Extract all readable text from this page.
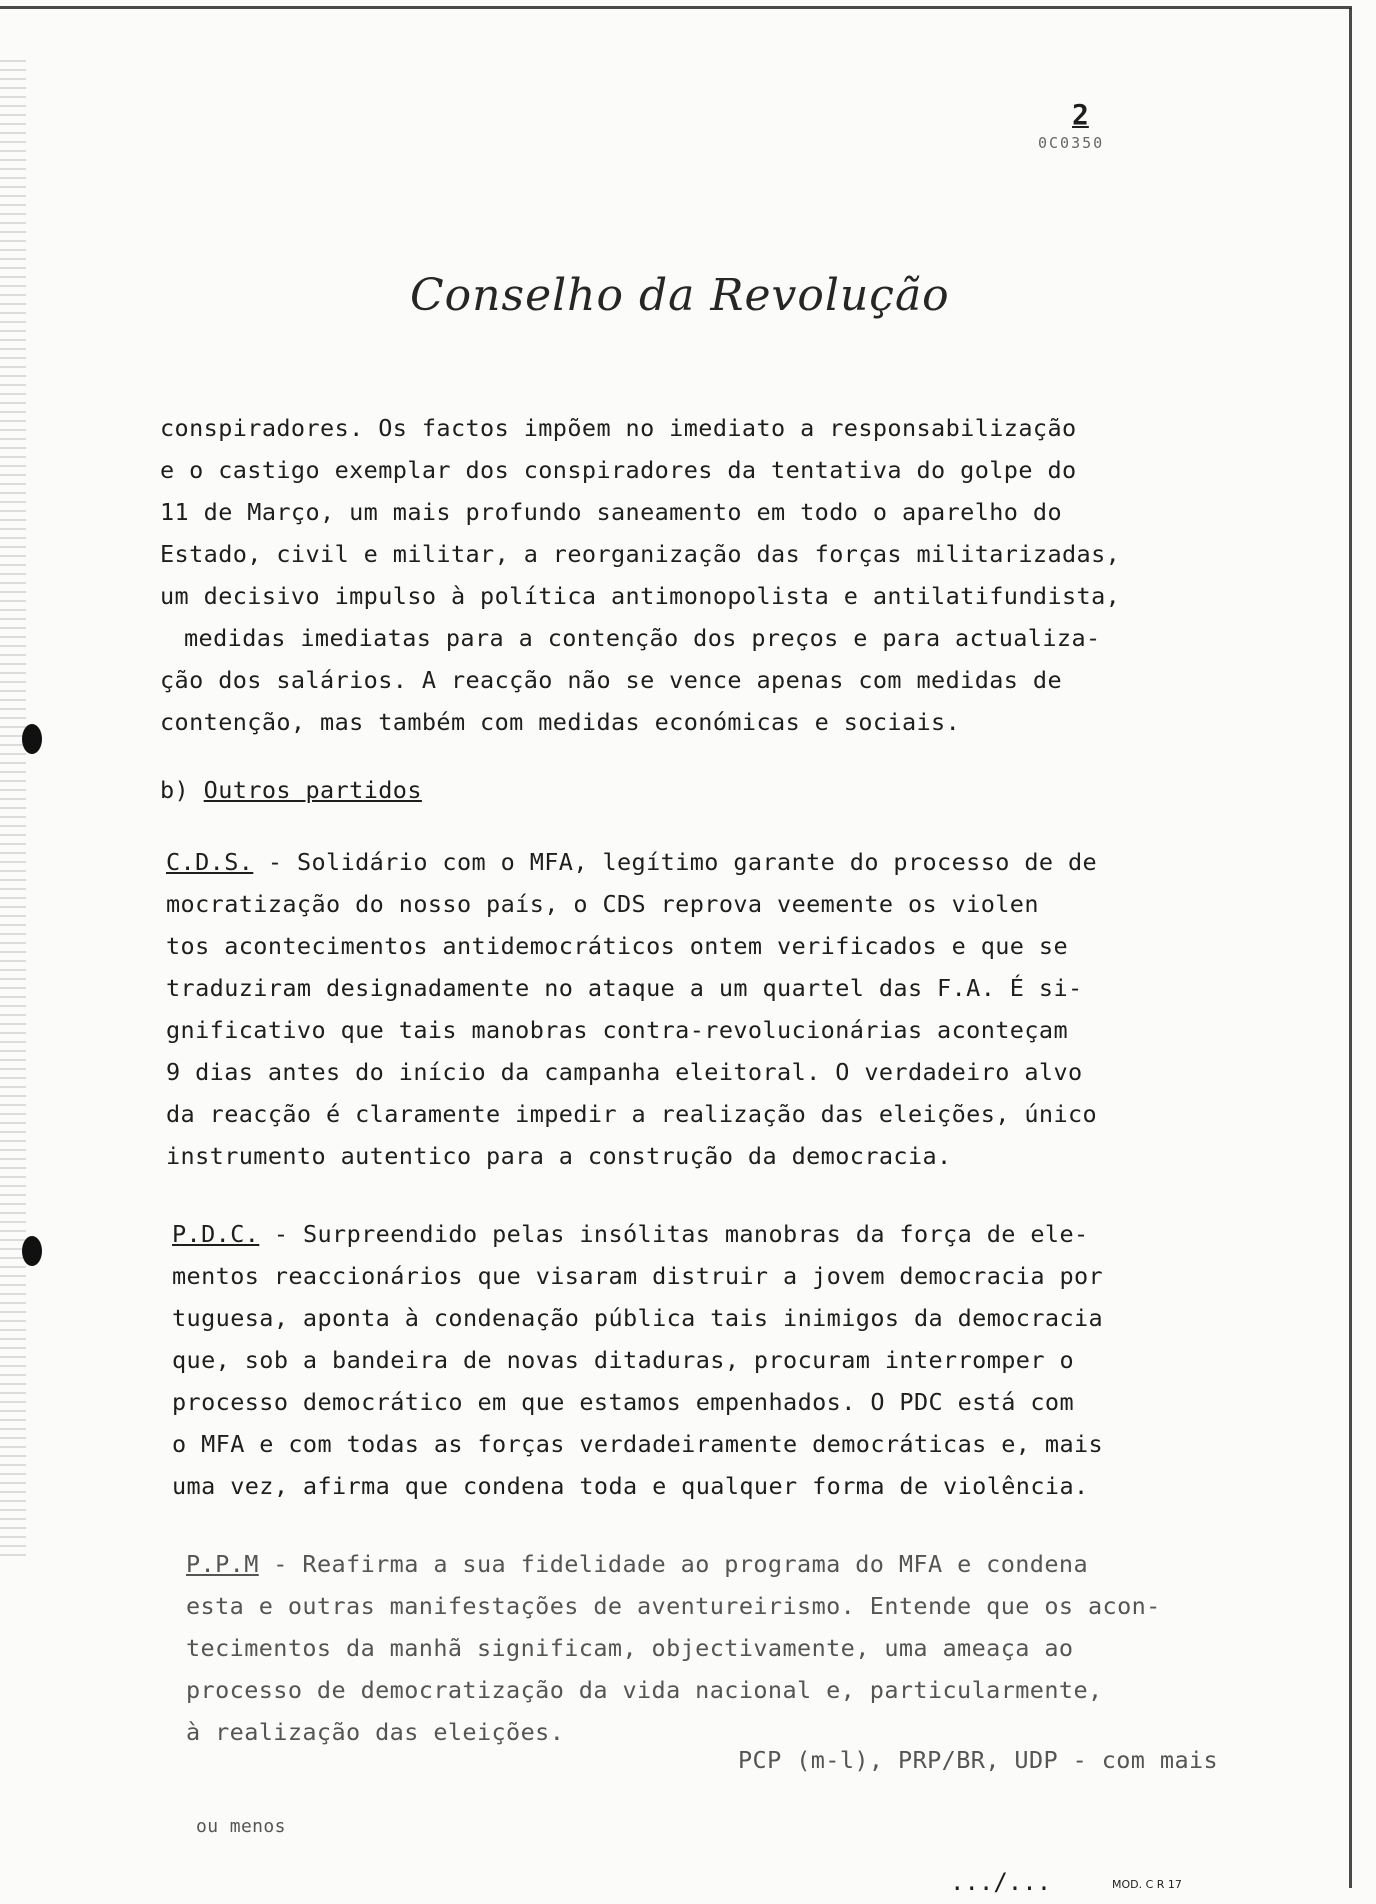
2
0C0350
Conselho da Revolução
conspiradores. Os factos impõem no imediato a responsabilização
e o castigo exemplar dos conspiradores da tentativa do golpe do
11 de Março, um mais profundo saneamento em todo o aparelho do
Estado, civil e militar, a reorganização das forças militarizadas,
um decisivo impulso à política antimonopolista e antilatifundista,
medidas imediatas para a contenção dos preços e para actualiza-
ção dos salários. A reacção não se vence apenas com medidas de
contenção, mas também com medidas económicas e sociais.
b) Outros partidos
C.D.S. - Solidário com o MFA, legítimo garante do processo de de
mocratização do nosso país, o CDS reprova veemente os violen
tos acontecimentos antidemocráticos ontem verificados e que se
traduziram designadamente no ataque a um quartel das F.A. É si-
gnificativo que tais manobras contra-revolucionárias aconteçam
9 dias antes do início da campanha eleitoral. O verdadeiro alvo
da reacção é claramente impedir a realização das eleições, único
instrumento autentico para a construção da democracia.
P.D.C. - Surpreendido pelas insólitas manobras da força de ele-
mentos reaccionários que visaram distruir a jovem democracia por
tuguesa, aponta à condenação pública tais inimigos da democracia
que, sob a bandeira de novas ditaduras, procuram interromper o
processo democrático em que estamos empenhados. O PDC está com
o MFA e com todas as forças verdadeiramente democráticas e, mais
uma vez, afirma que condena toda e qualquer forma de violência.
P.P.M - Reafirma a sua fidelidade ao programa do MFA e condena
esta e outras manifestações de aventureirismo. Entende que os acon-
tecimentos da manhã significam, objectivamente, uma ameaça ao
processo de democratização da vida nacional e, particularmente,
à realização das eleições.
PCP (m-l), PRP/BR, UDP - com mais
ou menos
.../...	MOD. C R 17
